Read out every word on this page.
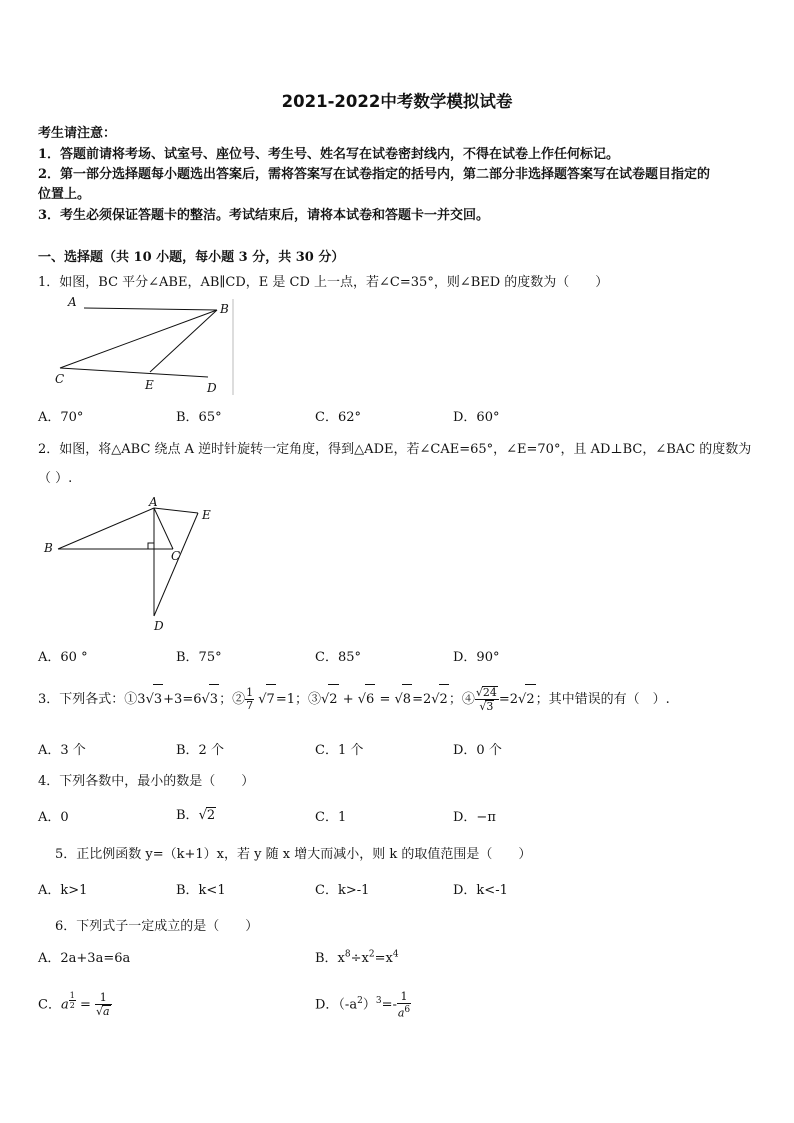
2021-2022中考数学模拟试卷
考生请注意：
1．答题前请将考场、试室号、座位号、考生号、姓名写在试卷密封线内，不得在试卷上作任何标记。
2．第一部分选择题每小题选出答案后，需将答案写在试卷指定的括号内，第二部分非选择题答案写在试卷题目指定的
位置上。
3．考生必须保证答题卡的整洁。考试结束后，请将本试卷和答题卡一并交回。
一、选择题（共 10 小题，每小题 3 分，共 30 分）
1．如图，BC 平分∠ABE，AB∥CD，E 是 CD 上一点，若∠C=35°，则∠BED 的度数为（　　）
A	B
C	E	D
A．70°	B．65°	C．62°	D．60°
2．如图，将△ABC 绕点 A 逆时针旋转一定角度，得到△ADE，若∠CAE=65°，∠E=70°，且 AD⊥BC，∠BAC 的度数为
（ ）.
A
B
C
D
E
A．60 °	B．75°	C．85°	D．90°
3．下列各式：①3√3+3=6√3；② $\frac{1}{7} √7=1$；③√2 + √6 = √8=2√2；④ $\frac{√24}{√3} =2√2$；其中错误的有（　）.
A．3 个	B．2 个	C．1 个	D．0 个
4．下列各数中，最小的数是（　　）
A．0	B．√2	C．1	D．−π
5．正比例函数 y=（k+1）x，若 y 随 x 增大而减小，则 k 的取值范围是（　　）
A．k>1	B．k<1	C．k>-1	D．k<-1
6．下列式子一定成立的是（　　）
A．2a+3a=6a	B．$x^8\div x^2=x^4$
C．a $^{\frac{1}{2}} = \frac{1}{√a}$	D．$(-a^2)^3=- \frac{1}{a^6}$
